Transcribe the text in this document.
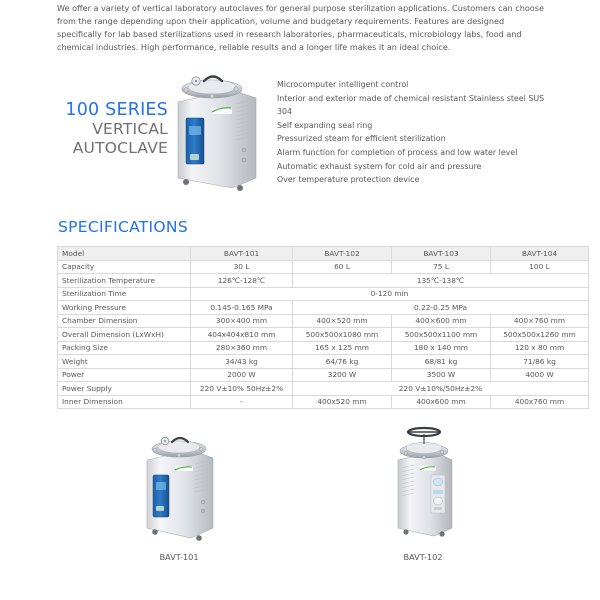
We offer a variety of vertical laboratory autoclaves for general purpose sterilization applications. Customers can choose from the range depending upon their application, volume and budgetary requirements. Features are designed specifically for lab based sterilizations used in research laboratories, pharmaceuticals, microbiology labs, food and chemical industries. High performance, reliable results and a longer life makes it an ideal choice.
100 SERIES
VERTICAL
AUTOCLAVE
Microcomputer intelligent control
Interior and exterior made of chemical resistant Stainless steel SUS 304
Self expanding seal ring
Pressurized steam for efficient sterilization
Alarm function for completion of process and low water level
Automatic exhaust system for cold air and pressure
Over temperature protection device
SPECIFICATIONS
Model	BAVT-101	BAVT-102	BAVT-103	BAVT-104
Capacity	30 L	60 L	75 L	100 L
Sterilization Temperature	126℃-128℃	135℃-138℃		
Sterilization Time	0-120 min			
Working Pressure	0.145-0.165 MPa	0.22-0.25 MPa		
Chamber Dimension	300×400 mm	400×520 mm	400×600 mm	400×760 mm
Overall Dimension (LxWxH)	404x404x810 mm	500x500x1080 mm	500x500x1100 mm	500x500x1260 mm
Packing Size	280×360 mm	165 x 125 mm	180 x 140 mm	120 x 80 mm
Weight	34/43 kg	64/76 kg	68/81 kg	71/86 kg
Power	2000 W	3200 W	3500 W	4000 W
Power Supply	220 V±10% 50Hz±2%	220 V±10%/50Hz±2%		
Inner Dimension	-	400x520 mm	400x600 mm	400x760 mm
BAVT-101	BAVT-102
